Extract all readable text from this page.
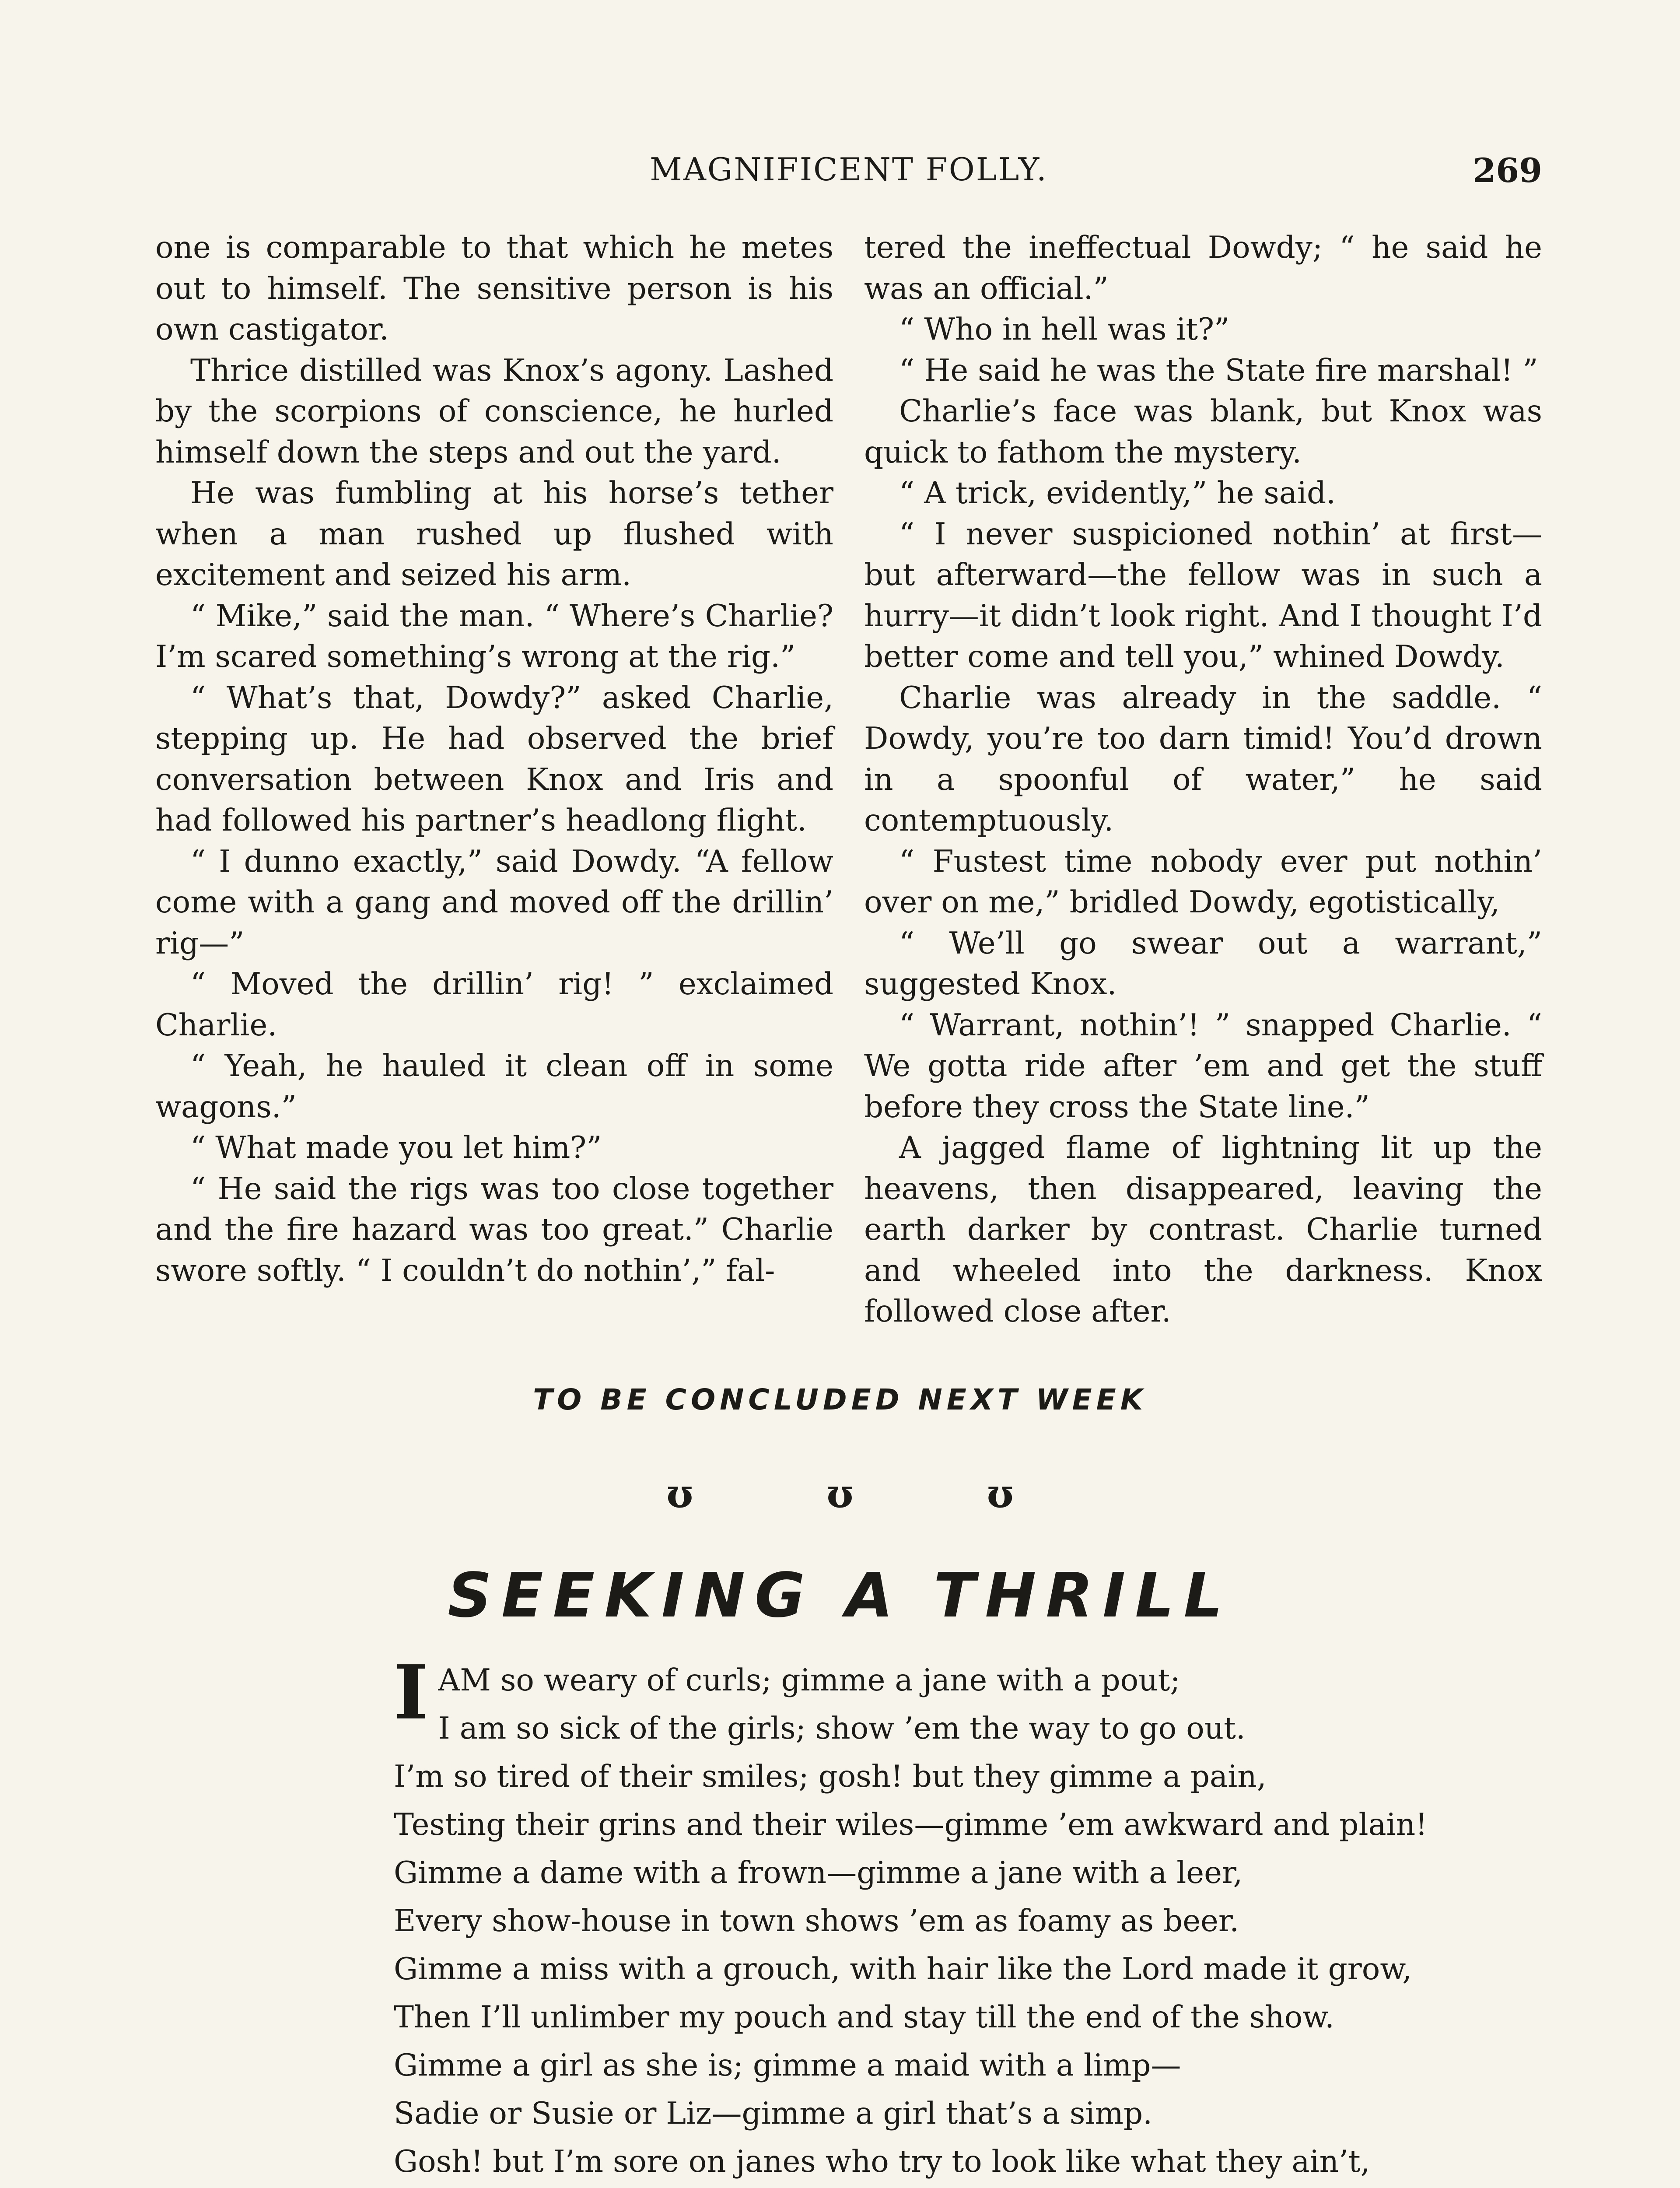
MAGNIFICENT FOLLY.	269

one is comparable to that which he metes out to himself. The sensitive person is his own castigator.

Thrice distilled was Knox’s agony. Lashed by the scorpions of conscience, he hurled himself down the steps and out the yard.

He was fumbling at his horse’s tether when a man rushed up flushed with excitement and seized his arm.

“ Mike,” said the man. “ Where’s Charlie? I’m scared something’s wrong at the rig.”

“ What’s that, Dowdy?” asked Charlie, stepping up. He had observed the brief conversation between Knox and Iris and had followed his partner’s headlong flight.

“ I dunno exactly,” said Dowdy. “A fellow come with a gang and moved off the drillin’ rig—”

“ Moved the drillin’ rig! ” exclaimed Charlie.

“ Yeah, he hauled it clean off in some wagons.”

“ What made you let him?”

“ He said the rigs was too close together and the fire hazard was too great.” Charlie swore softly. “ I couldn’t do nothin’,” fal-

tered the ineffectual Dowdy; “ he said he was an official.”

“ Who in hell was it?”

“ He said he was the State fire marshal! ”

Charlie’s face was blank, but Knox was quick to fathom the mystery.

“ A trick, evidently,” he said.

“ I never suspicioned nothin’ at first— but afterward—the fellow was in such a hurry—it didn’t look right. And I thought I’d better come and tell you,” whined Dowdy.

Charlie was already in the saddle. “ Dowdy, you’re too darn timid! You’d drown in a spoonful of water,” he said contemptuously.

“ Fustest time nobody ever put nothin’ over on me,” bridled Dowdy, egotistically,

“ We’ll go swear out a warrant,” suggested Knox.

“ Warrant, nothin’! ” snapped Charlie. “ We gotta ride after ’em and get the stuff before they cross the State line.”

A jagged flame of lightning lit up the heavens, then disappeared, leaving the earth darker by contrast. Charlie turned and wheeled into the darkness. Knox followed close after.

TO BE CONCLUDED NEXT WEEK
ʊ	ʊ	ʊ
SEEKING A THRILL
I AM so weary of curls; gimme a jane with a pout;
I am so sick of the girls; show ’em the way to go out.
I’m so tired of their smiles; gosh! but they gimme a pain,
Testing their grins and their wiles—gimme ’em awkward and plain!
Gimme a dame with a frown—gimme a jane with a leer,
Every show-house in town shows ’em as foamy as beer.
Gimme a miss with a grouch, with hair like the Lord made it grow,
Then I’ll unlimber my pouch and stay till the end of the show.
Gimme a girl as she is; gimme a maid with a limp—
Sadie or Susie or Liz—gimme a girl that’s a simp.
Gosh! but I’m sore on janes who try to look like what they ain’t,
